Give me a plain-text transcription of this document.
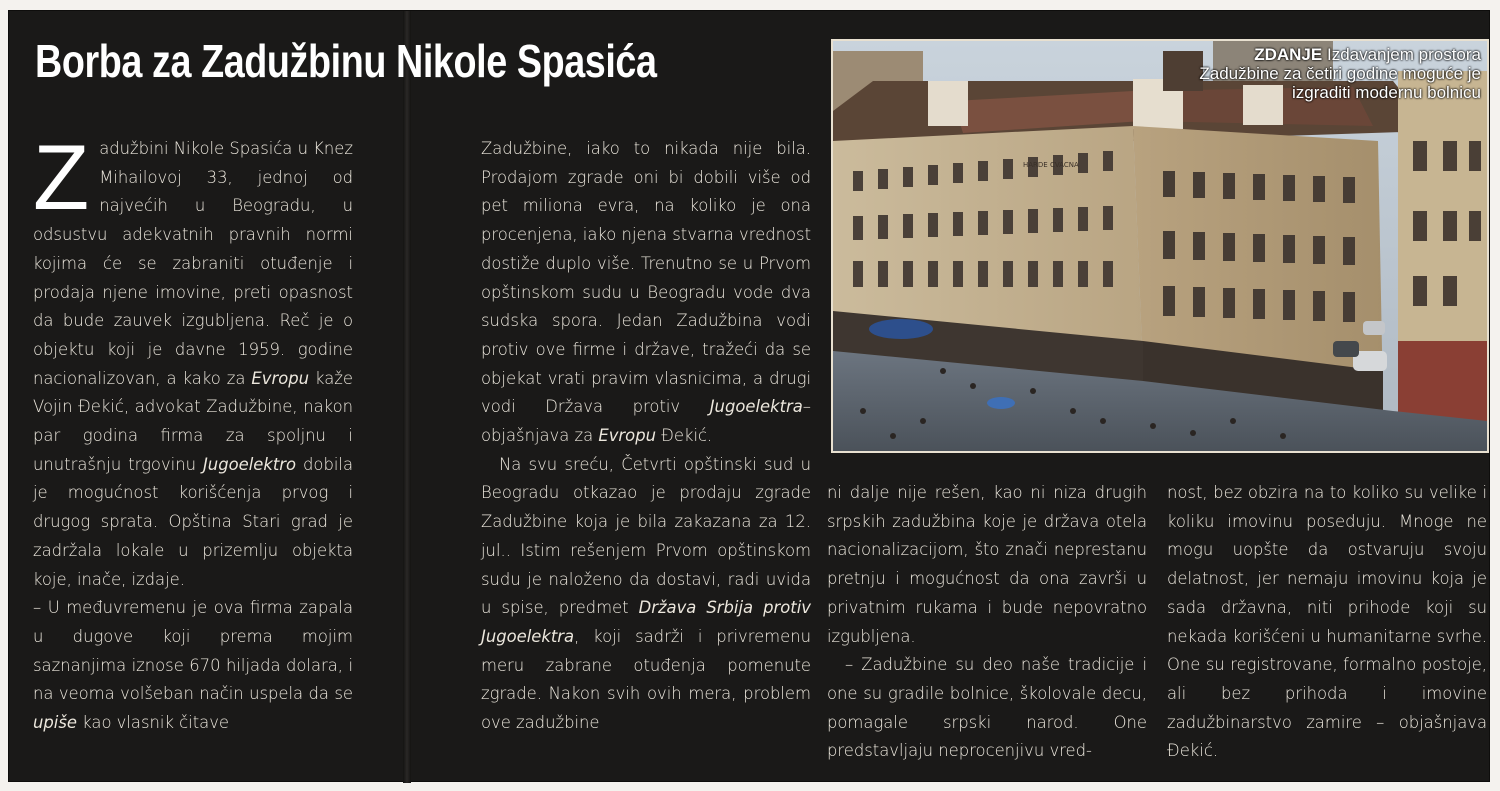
Borba za Zadužbinu Nikole Spasića

Z adužbini Nikole Spasića u Knez Mihailovoj 33, jednoj od najvećih u Beogradu, u odsustvu adekvatnih pravnih normi kojima će se zabraniti otuđenje i prodaja njene imovine, preti opasnost da bude zauvek izgubljena. Reč je o objektu koji je davne 1959. godine nacionalizovan, a kako za Evropu kaže Vojin Đekić, advokat Zadužbine, nakon par godina firma za spoljnu i unutrašnju trgovinu Jugoelektro dobila je mogućnost korišćenja prvog i drugog sprata. Opština Stari grad je zadržala lokale u prizemlju objekta koje, inače, izdaje.

– U međuvremenu je ova firma zapala u dugove koji prema mojim saznanjima iznose 670 hiljada dolara, i na veoma volšeban način uspela da se upiše kao vlasnik čitave

Zadužbine, iako to nikada nije bila. Prodajom zgrade oni bi dobili više od pet miliona evra, na koliko je ona procenjena, iako njena stvarna vrednost dostiže duplo više. Trenutno se u Prvom opštinskom sudu u Beogradu vode dva sudska spora. Jedan Zadužbina vodi protiv ove firme i države, tražeći da se objekat vrati pravim vlasnicima, a drugi vodi Država protiv Jugoelektra– objašnjava za Evropu Đekić.

Na svu sreću, Četvrti opštinski sud u Beogradu otkazao je prodaju zgrade Zadužbine koja je bila zakazana za 12. jul.. Istim rešenjem Prvom opštinskom sudu je naloženo da dostavi, radi uvida u spise, predmet Država Srbija protiv Jugoelektra, koji sadrži i privremenu meru zabrane otuđenja pomenute zgrade. Nakon svih ovih mera, problem ove zadužbine

ni dalje nije rešen, kao ni niza drugih srpskih zadužbina koje je država otela nacionalizacijom, što znači neprestanu pretnju i mogućnost da ona završi u privatnim rukama i bude nepovratno izgubljena.

– Zadužbine su deo naše tradicije i one su gradile bolnice, školovale decu, pomagale srpski narod. One predstavljaju neprocenjivu vred-

nost, bez obzira na to koliko su velike i koliku imovinu poseduju. Mnoge ne mogu uopšte da ostvaruju svoju delatnost, jer nemaju imovinu koja je sada državna, niti prihode koji su nekada korišćeni u humanitarne svrhe. One su registrovane, formalno postoje, ali bez prihoda i imovine zadužbinarstvo zamire – objašnjava Đekić.

HARDE CVACNA
ZDANJE Izdavanjem prostora Zadužbine za četiri godine moguće je izgraditi modernu bolnicu
